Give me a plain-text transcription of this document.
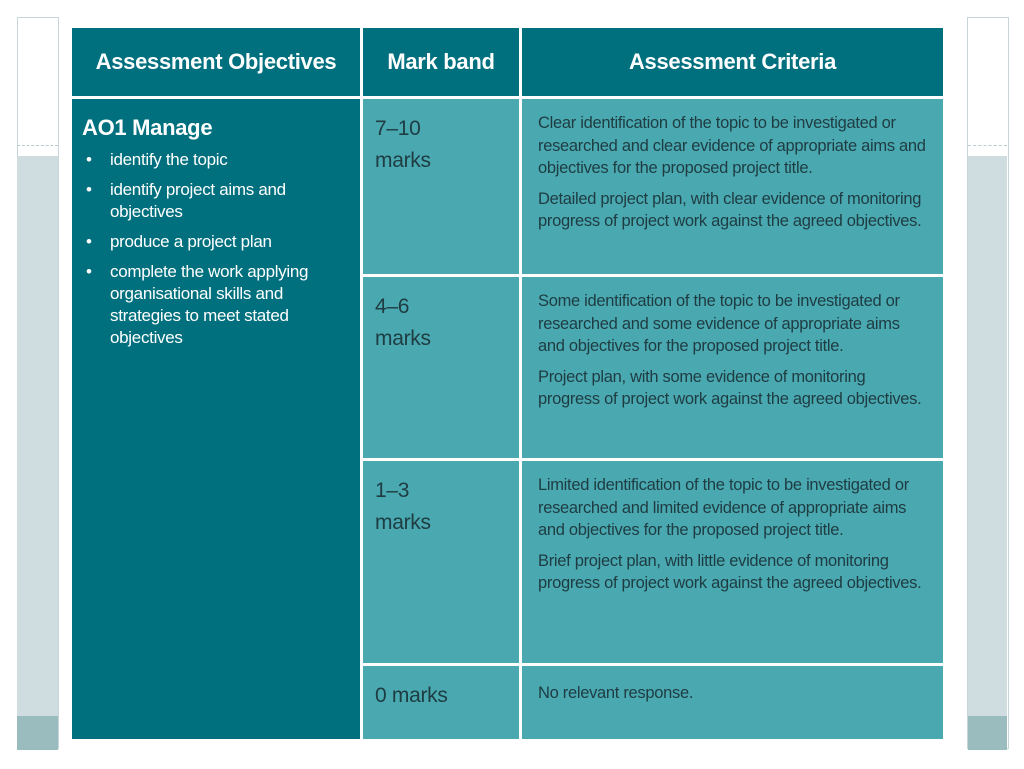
Assessment Objectives Mark band	Assessment Criteria
AO1 Manage
• identify the topic
• identify project aims and objectives
• produce a project plan
• complete the work applying organisational skills and strategies to meet stated objectives
7–10
marks

Clear identification of the topic to be investigated or researched and clear evidence of appropriate aims and objectives for the proposed project title.

Detailed project plan, with clear evidence of monitoring progress of project work against the agreed objectives.

4–6
marks

Some identification of the topic to be investigated or researched and some evidence of appropriate aims and objectives for the proposed project title.

Project plan, with some evidence of monitoring progress of project work against the agreed objectives.

1–3
marks

Limited identification of the topic to be investigated or researched and limited evidence of appropriate aims and objectives for the proposed project title.

Brief project plan, with little evidence of monitoring progress of project work against the agreed objectives.

0 marks	No relevant response.
